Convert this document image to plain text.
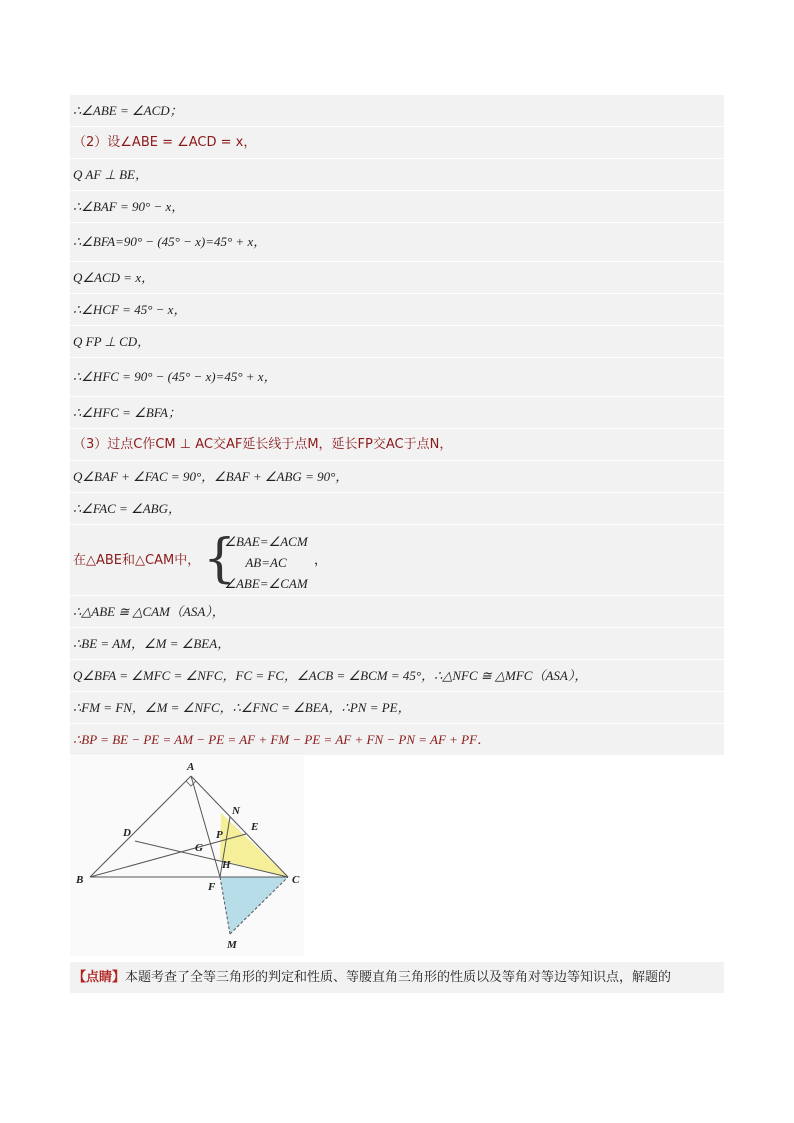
∴∠ABE = ∠ACD；
（2）设∠ABE = ∠ACD = x，
Q AF ⊥ BE，
∴∠BAF = 90° − x，
∴∠BFA=90° − (45° − x)=45° + x，
Q∠ACD = x，
∴∠HCF = 45° − x，
Q FP ⊥ CD，
∴∠HFC = 90° − (45° − x)=45° + x，
∴∠HFC = ∠BFA；
（3）过点C作CM ⊥ AC交AF延长线于点M，延长FP交AC于点N，
Q∠BAF + ∠FAC = 90°，∠BAF + ∠ABG = 90°，
∴∠FAC = ∠ABG，
在△ABE和△CAM中， {
∠BAE=∠ACM
AB=AC
∠ABE=∠CAM
，
∴△ABE ≅ △CAM（ASA），
∴BE = AM，∠M = ∠BEA，
Q∠BFA = ∠MFC = ∠NFC，FC = FC，∠ACB = ∠BCM = 45°，∴△NFC ≅ △MFC（ASA），
∴FM = FN，∠M = ∠NFC，∴∠FNC = ∠BEA，∴PN = PE，
∴BP = BE − PE = AM − PE = AF + FM − PE = AF + FN − PN = AF + PF．
A
B	C
D	E
F
G
H
M
N
P
【点睛】本题考查了全等三角形的判定和性质、等腰直角三角形的性质以及等角对等边等知识点，解题的
